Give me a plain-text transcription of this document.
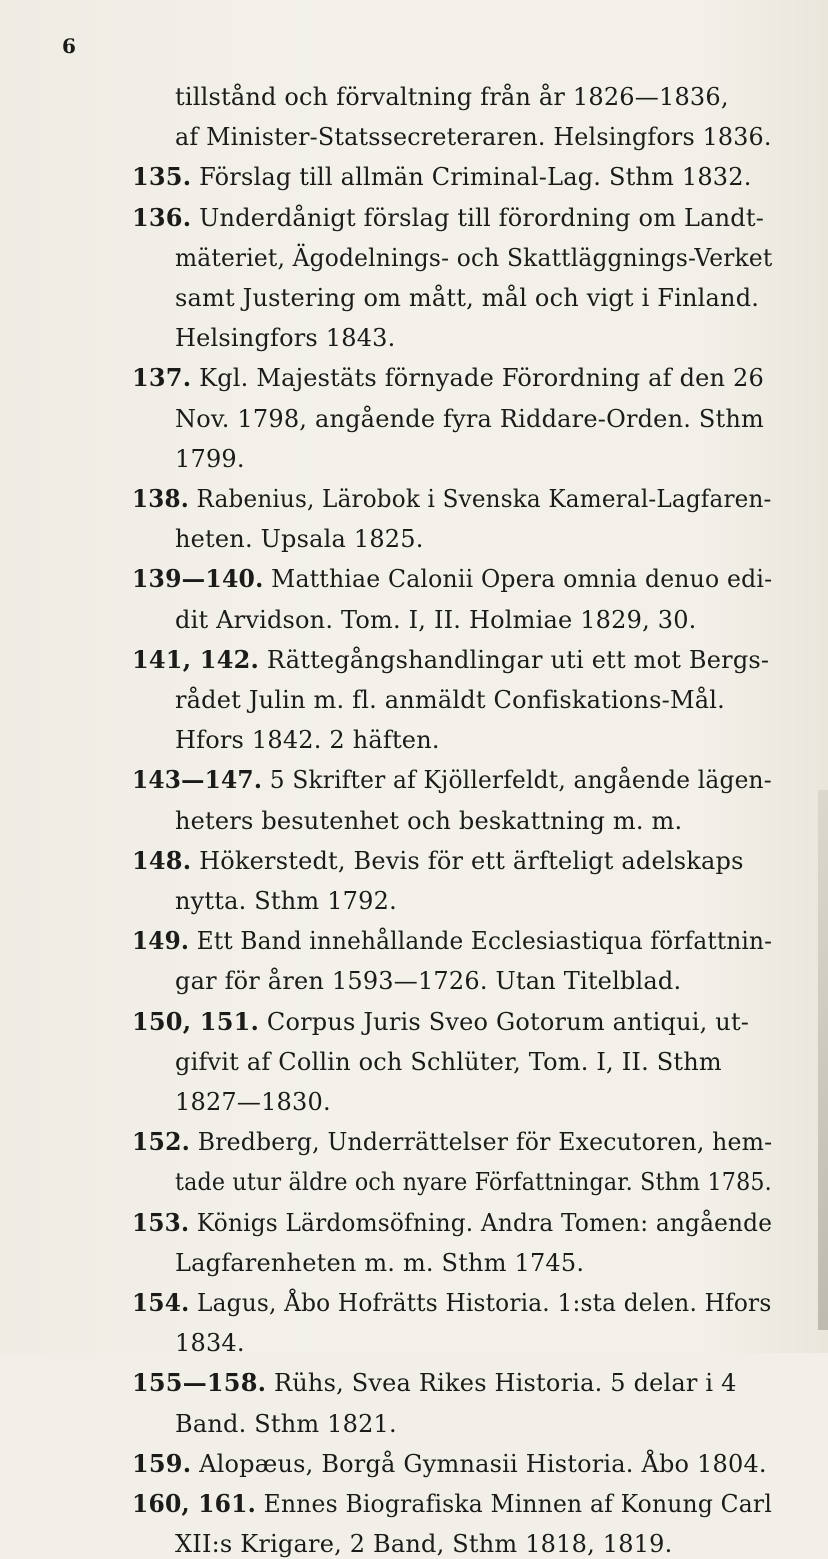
6
tillstånd och förvaltning från år 1826—1836,
af Minister-Statssecreteraren. Helsingfors 1836.
135. Förslag till allmän Criminal-Lag. Sthm 1832.
136. Underdånigt förslag till förordning om Landt-
mäteriet, Ägodelnings- och Skattläggnings-Verket
samt Justering om mått, mål och vigt i Finland.
Helsingfors 1843.
137. Kgl. Majestäts förnyade Förordning af den 26
Nov. 1798, angående fyra Riddare-Orden. Sthm
1799.
138. Rabenius, Lärobok i Svenska Kameral-Lagfaren-
heten. Upsala 1825.
139—140. Matthiae Calonii Opera omnia denuo edi-
dit Arvidson. Tom. I, II. Holmiae 1829, 30.
141, 142. Rättegångshandlingar uti ett mot Bergs-
rådet Julin m. fl. anmäldt Confiskations-Mål.
Hfors 1842. 2 häften.
143—147. 5 Skrifter af Kjöllerfeldt, angående lägen-
heters besutenhet och beskattning m. m.
148. Hökerstedt, Bevis för ett ärfteligt adelskaps
nytta. Sthm 1792.
149. Ett Band innehållande Ecclesiastiqua författnin-
gar för åren 1593—1726. Utan Titelblad.
150, 151. Corpus Juris Sveo Gotorum antiqui, ut-
gifvit af Collin och Schlüter, Tom. I, II. Sthm
1827—1830.
152. Bredberg, Underrättelser för Executoren, hem-
tade utur äldre och nyare Författningar. Sthm 1785.
153. Königs Lärdomsöfning. Andra Tomen: angående
Lagfarenheten m. m. Sthm 1745.
154. Lagus, Åbo Hofrätts Historia. 1:sta delen. Hfors
1834.
155—158. Rühs, Svea Rikes Historia. 5 delar i 4
Band. Sthm 1821.
159. Alopæus, Borgå Gymnasii Historia. Åbo 1804.
160, 161. Ennes Biografiska Minnen af Konung Carl
XII:s Krigare, 2 Band, Sthm 1818, 1819.
